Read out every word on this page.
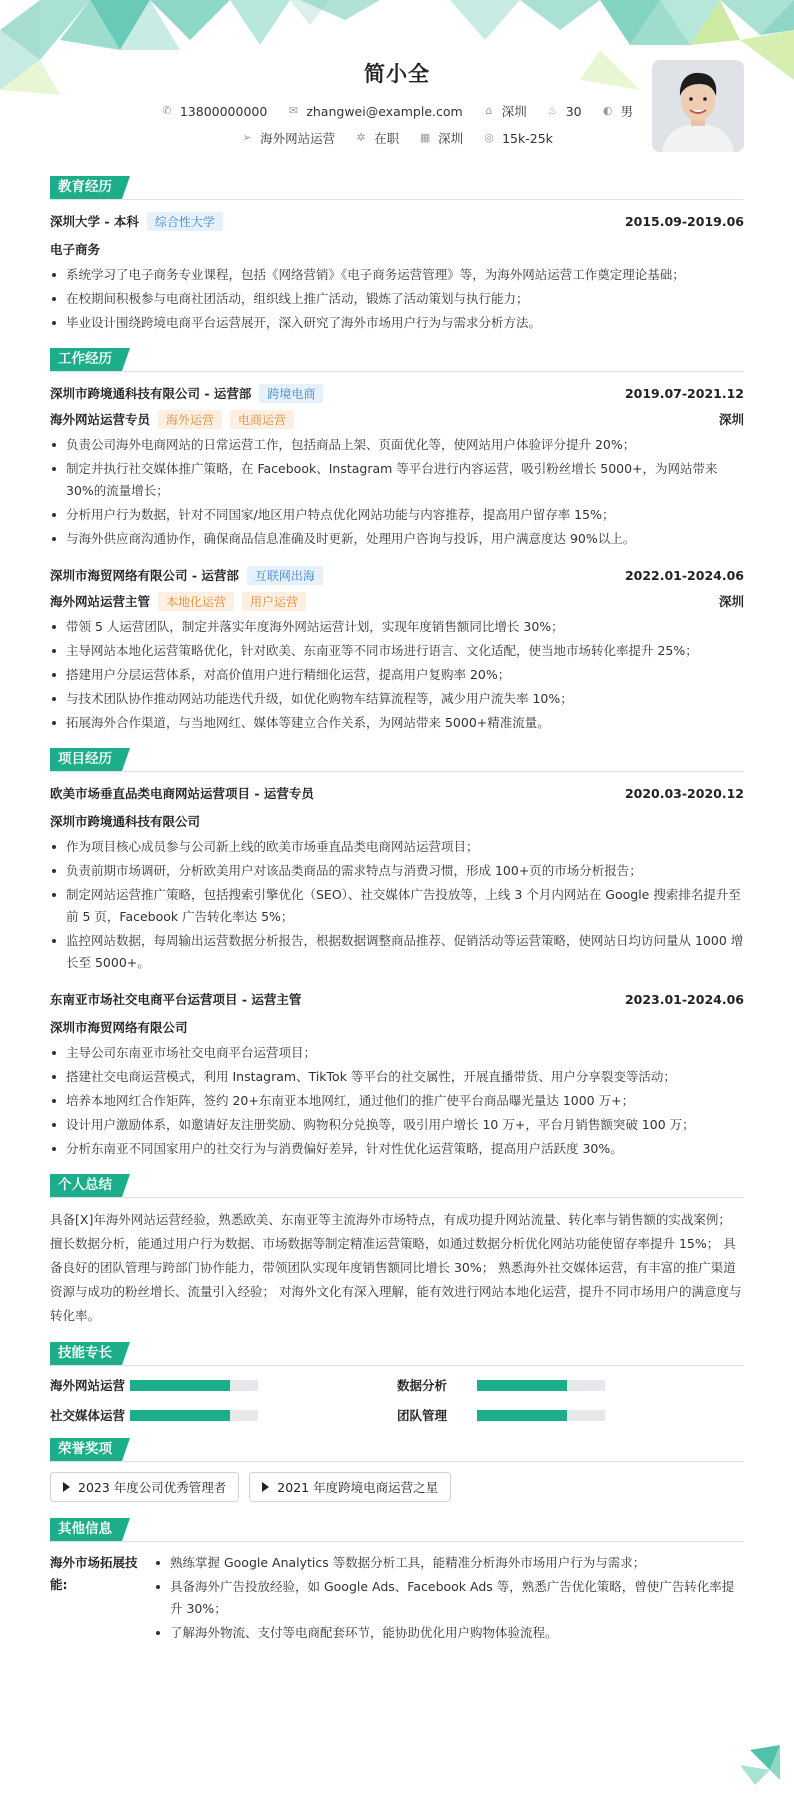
简小全
✆ 13800000000 ✉ zhangwei@example.com ⌂ 深圳 ♨ 30 ◐ 男
➢ 海外网站运营 ✲ 在职 ▦ 深圳 ◎ 15k-25k
教育经历
深圳大学 - 本科	综合性大学	2015.09-2019.06
电子商务
系统学习了电子商务专业课程，包括《网络营销》《电子商务运营管理》等，为海外网站运营工作奠定理论基础；
在校期间积极参与电商社团活动，组织线上推广活动，锻炼了活动策划与执行能力；
毕业设计围绕跨境电商平台运营展开，深入研究了海外市场用户行为与需求分析方法。
工作经历
深圳市跨境通科技有限公司 - 运营部	跨境电商	2019.07-2021.12
海外网站运营专员	海外运营	电商运营	深圳
负责公司海外电商网站的日常运营工作，包括商品上架、页面优化等，使网站用户体验评分提升 20%；
制定并执行社交媒体推广策略，在 Facebook、Instagram 等平台进行内容运营，吸引粉丝增长 5000+，为网站带来 30%的流量增长；
分析用户行为数据，针对不同国家/地区用户特点优化网站功能与内容推荐，提高用户留存率 15%；
与海外供应商沟通协作，确保商品信息准确及时更新，处理用户咨询与投诉，用户满意度达 90%以上。
深圳市海贸网络有限公司 - 运营部	互联网出海	2022.01-2024.06
海外网站运营主管	本地化运营	用户运营	深圳
带领 5 人运营团队，制定并落实年度海外网站运营计划，实现年度销售额同比增长 30%；
主导网站本地化运营策略优化，针对欧美、东南亚等不同市场进行语言、文化适配，使当地市场转化率提升 25%；
搭建用户分层运营体系，对高价值用户进行精细化运营，提高用户复购率 20%；
与技术团队协作推动网站功能迭代升级，如优化购物车结算流程等，减少用户流失率 10%；
拓展海外合作渠道，与当地网红、媒体等建立合作关系，为网站带来 5000+精准流量。
项目经历
欧美市场垂直品类电商网站运营项目 - 运营专员	2020.03-2020.12
深圳市跨境通科技有限公司
作为项目核心成员参与公司新上线的欧美市场垂直品类电商网站运营项目；
负责前期市场调研，分析欧美用户对该品类商品的需求特点与消费习惯，形成 100+页的市场分析报告；
制定网站运营推广策略，包括搜索引擎优化（SEO）、社交媒体广告投放等，上线 3 个月内网站在 Google 搜索排名提升至前 5 页，Facebook 广告转化率达 5%；
监控网站数据，每周输出运营数据分析报告，根据数据调整商品推荐、促销活动等运营策略，使网站日均访问量从 1000 增长至 5000+。
东南亚市场社交电商平台运营项目 - 运营主管	2023.01-2024.06
深圳市海贸网络有限公司
主导公司东南亚市场社交电商平台运营项目；
搭建社交电商运营模式，利用 Instagram、TikTok 等平台的社交属性，开展直播带货、用户分享裂变等活动；
培养本地网红合作矩阵，签约 20+东南亚本地网红，通过他们的推广使平台商品曝光量达 1000 万+；
设计用户激励体系，如邀请好友注册奖励、购物积分兑换等，吸引用户增长 10 万+，平台月销售额突破 100 万；
分析东南亚不同国家用户的社交行为与消费偏好差异，针对性优化运营策略，提高用户活跃度 30%。
个人总结

具备[X]年海外网站运营经验，熟悉欧美、东南亚等主流海外市场特点，有成功提升网站流量、转化率与销售额的实战案例； 擅长数据分析，能通过用户行为数据、市场数据等制定精准运营策略，如通过数据分析优化网站功能使留存率提升 15%； 具备良好的团队管理与跨部门协作能力，带领团队实现年度销售额同比增长 30%； 熟悉海外社交媒体运营，有丰富的推广渠道资源与成功的粉丝增长、流量引入经验； 对海外文化有深入理解，能有效进行网站本地化运营，提升不同市场用户的满意度与转化率。

技能专长
海外网站运营	数据分析
社交媒体运营	团队管理
荣誉奖项
2023 年度公司优秀管理者	2021 年度跨境电商运营之星
其他信息
海外市场拓展技能:
熟练掌握 Google Analytics 等数据分析工具，能精准分析海外市场用户行为与需求；
具备海外广告投放经验，如 Google Ads、Facebook Ads 等，熟悉广告优化策略，曾使广告转化率提升 30%；
了解海外物流、支付等电商配套环节，能协助优化用户购物体验流程。
